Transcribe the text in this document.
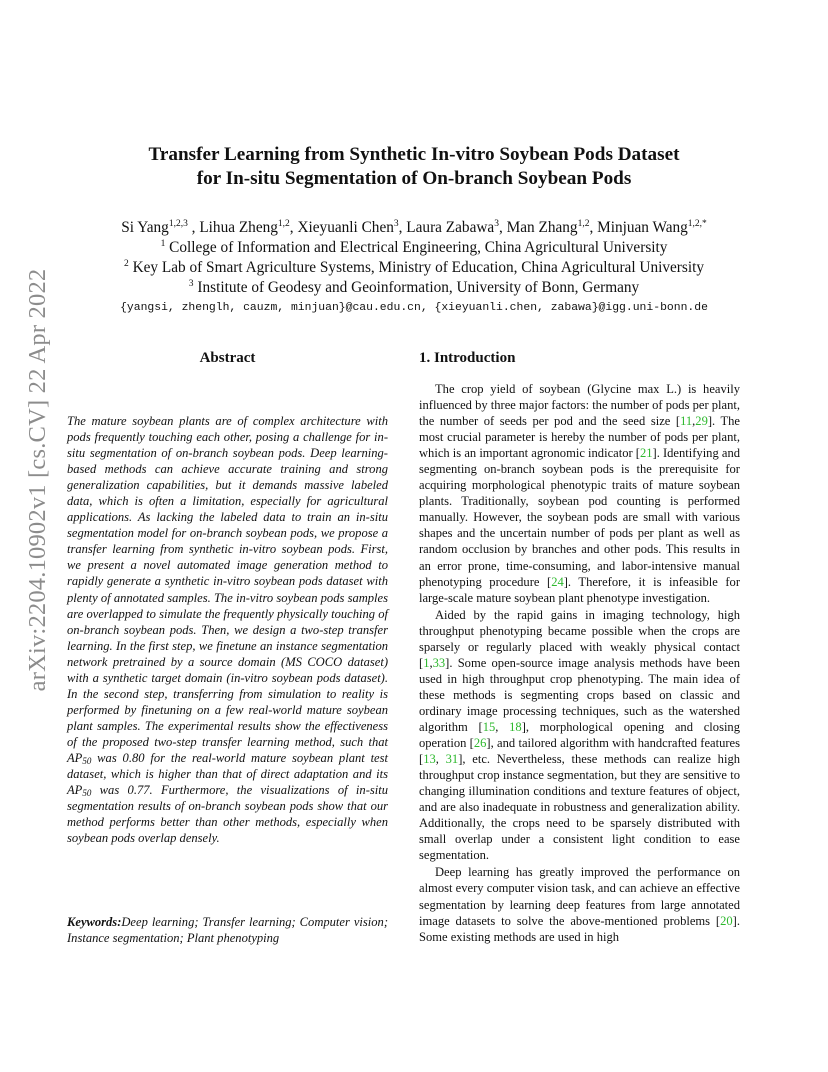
arXiv:2204.10902v1 [cs.CV] 22 Apr 2022
Transfer Learning from Synthetic In-vitro Soybean Pods Dataset
for In-situ Segmentation of On-branch Soybean Pods
Si Yang$^{1,2,3}$ , Lihua Zheng$^{1,2}$, Xieyuanli Chen$^3$, Laura Zabawa$^3$, Man Zhang$^{1,2}$, Minjuan Wang$^{1,2,*}$
$^1$ College of Information and Electrical Engineering, China Agricultural University
$^2$ Key Lab of Smart Agriculture Systems, Ministry of Education, China Agricultural University
$^3$ Institute of Geodesy and Geoinformation, University of Bonn, Germany
{yangsi, zhenglh, cauzm, minjuan}@cau.edu.cn, {xieyuanli.chen, zabawa}@igg.uni-bonn.de
Abstract
The mature soybean plants are of complex architecture with pods frequently touching each other, posing a challenge for in-situ segmentation of on-branch soybean pods. Deep learning-based methods can achieve accurate training and strong generalization capabilities, but it demands massive labeled data, which is often a limitation, especially for agricultural applications. As lacking the labeled data to train an in-situ segmentation model for on-branch soybean pods, we propose a transfer learning from synthetic in-vitro soybean pods. First, we present a novel automated image generation method to rapidly generate a synthetic in-vitro soybean pods dataset with plenty of annotated samples. The in-vitro soybean pods samples are overlapped to simulate the frequently physically touching of on-branch soybean pods. Then, we design a two-step transfer learning. In the first step, we finetune an instance segmentation network pretrained by a source domain (MS COCO dataset) with a synthetic target domain (in-vitro soybean pods dataset). In the second step, transferring from simulation to reality is performed by finetuning on a few real-world mature soybean plant samples. The experimental results show the effectiveness of the proposed two-step transfer learning method, such that $AP_{50}$ was 0.80 for the real-world mature soybean plant test dataset, which is higher than that of direct adaptation and its $AP_{50}$ was 0.77. Furthermore, the visualizations of in-situ segmentation results of on-branch soybean pods show that our method performs better than other methods, especially when soybean pods overlap densely.
Keywords:Deep learning; Transfer learning; Computer vision; Instance segmentation; Plant phenotyping
1. Introduction

The crop yield of soybean (Glycine max L.) is heavily influenced by three major factors: the number of pods per plant, the number of seeds per pod and the seed size [11,29]. The most crucial parameter is hereby the number of pods per plant, which is an important agronomic indicator [21]. Identifying and segmenting on-branch soybean pods is the prerequisite for acquiring morphological phenotypic traits of mature soybean plants. Traditionally, soybean pod counting is performed manually. However, the soybean pods are small with various shapes and the uncertain number of pods per plant as well as random occlusion by branches and other pods. This results in an error prone, time-consuming, and labor-intensive manual phenotyping procedure [24]. Therefore, it is infeasible for large-scale mature soybean plant phenotype investigation.

Aided by the rapid gains in imaging technology, high throughput phenotyping became possible when the crops are sparsely or regularly placed with weakly physical contact [1,33]. Some open-source image analysis methods have been used in high throughput crop phenotyping. The main idea of these methods is segmenting crops based on classic and ordinary image processing techniques, such as the watershed algorithm [15, 18], morphological opening and closing operation [26], and tailored algorithm with handcrafted features [13, 31], etc. Nevertheless, these methods can realize high throughput crop instance segmentation, but they are sensitive to changing illumination conditions and texture features of object, and are also inadequate in robustness and generalization ability. Additionally, the crops need to be sparsely distributed with small overlap under a consistent light condition to ease segmentation.

Deep learning has greatly improved the performance on almost every computer vision task, and can achieve an effective segmentation by learning deep features from large annotated image datasets to solve the above-mentioned problems [20]. Some existing methods are used in high
